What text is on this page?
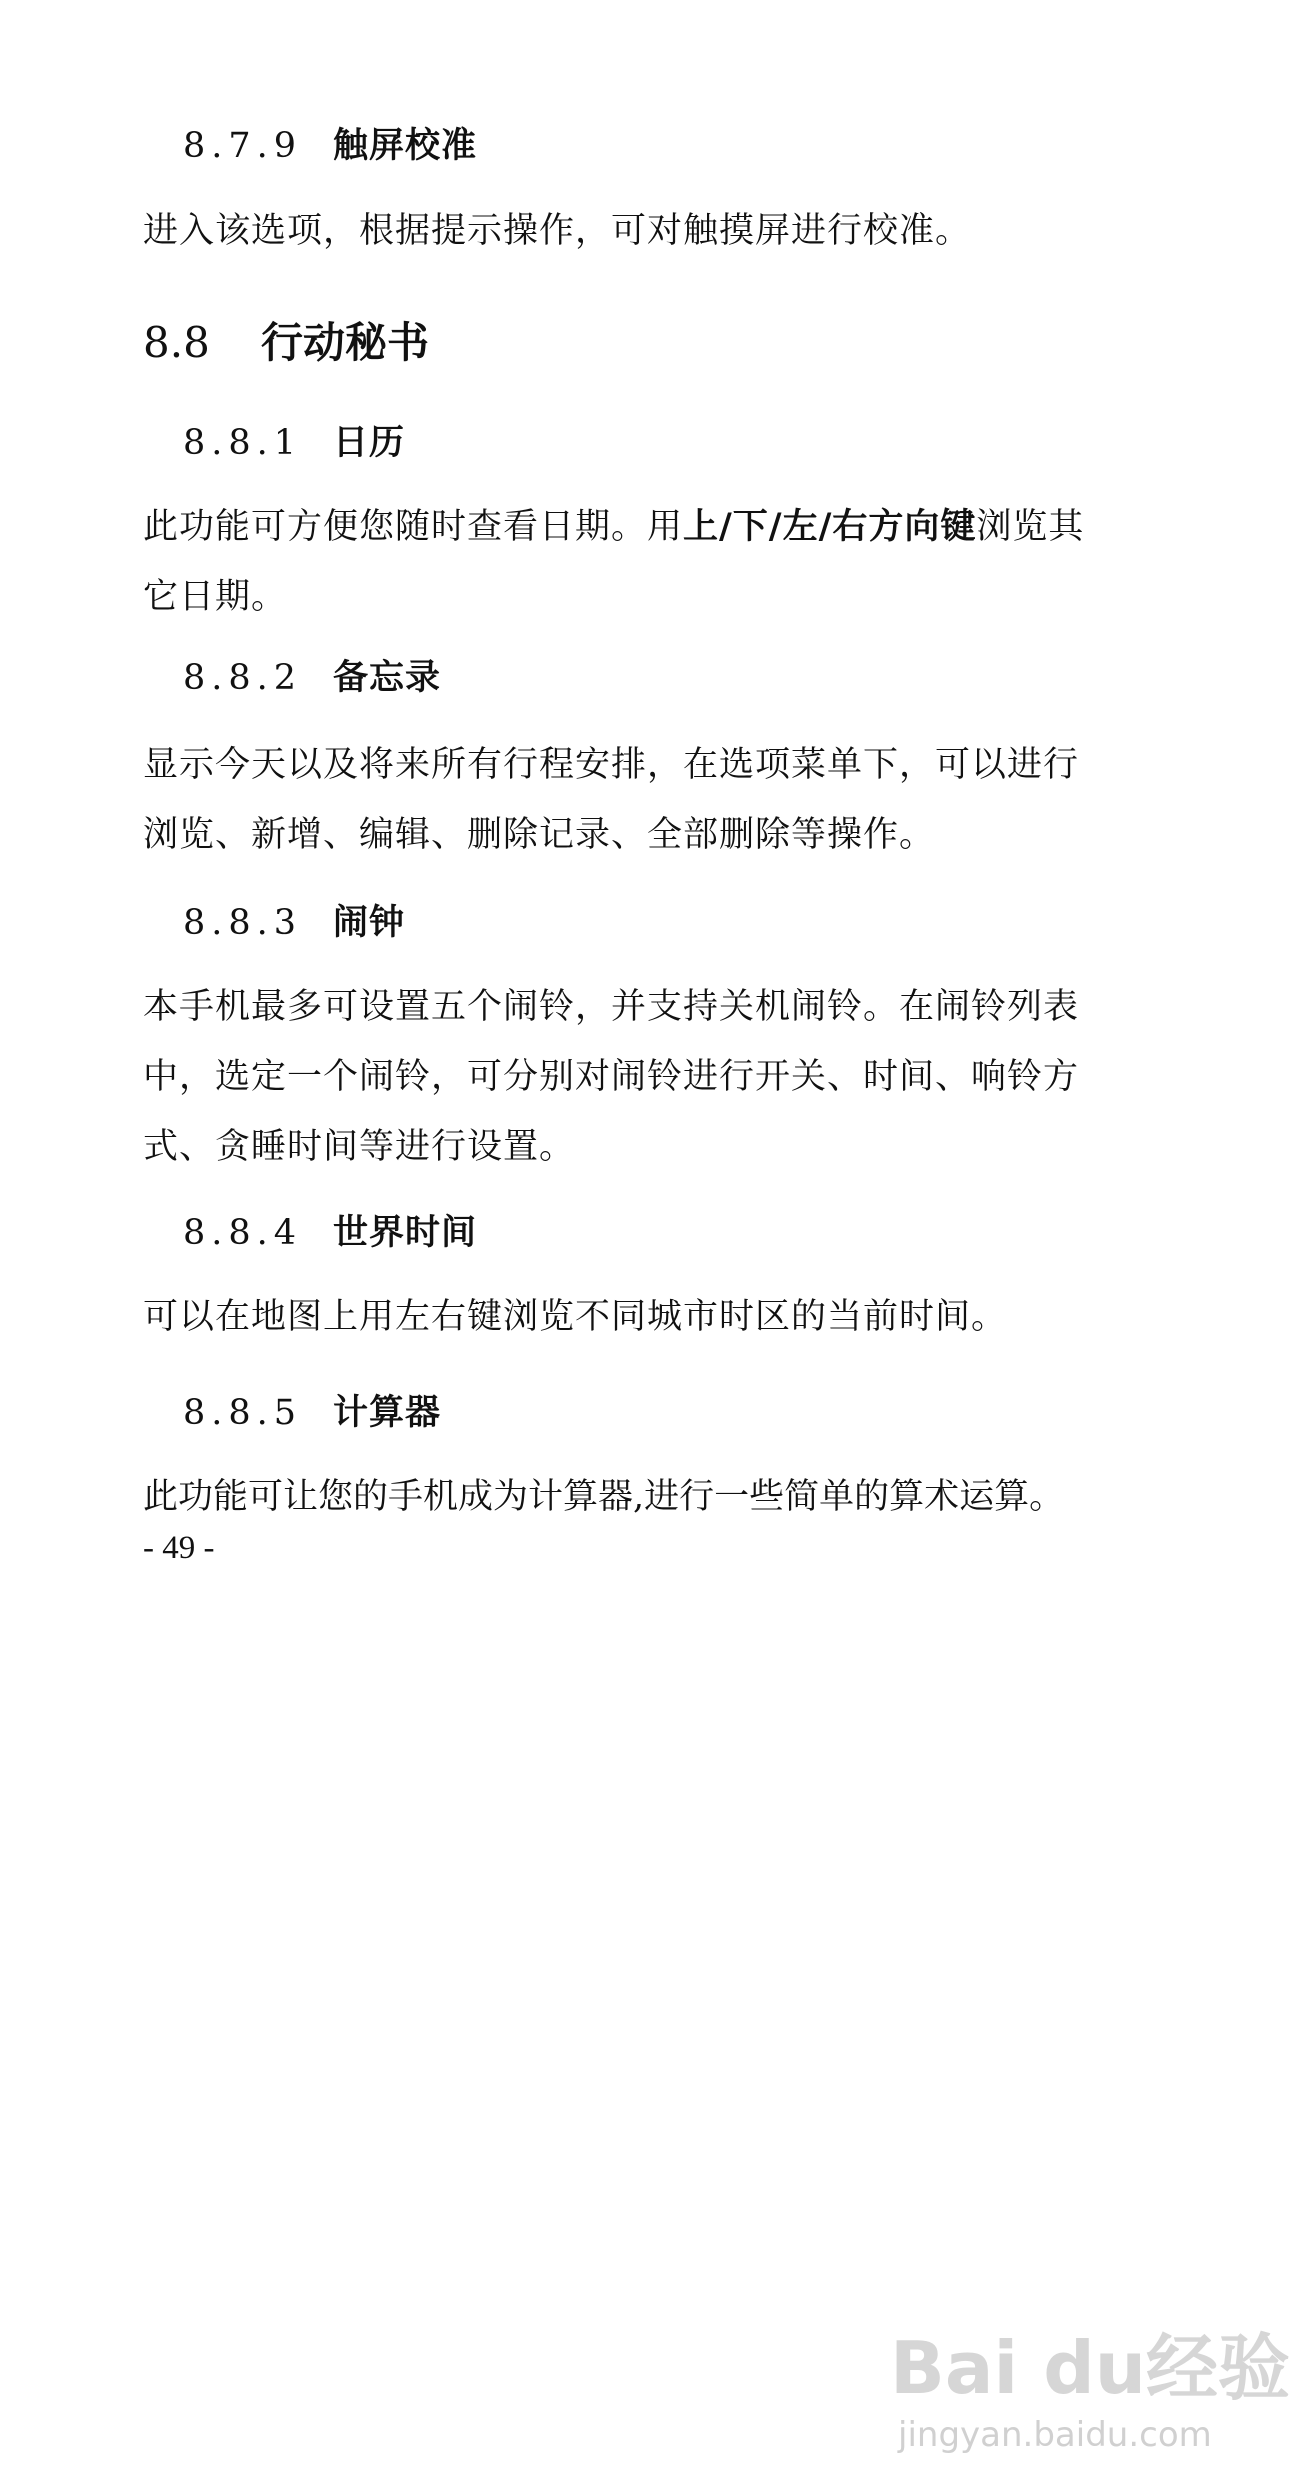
8.7.9 触屏校准
进入该选项，根据提示操作，可对触摸屏进行校准。
8.8 行动秘书
8.8.1 日历
此功能可方便您随时查看日期。用上/下/左/右方向键浏览其它日期。
8.8.2 备忘录
显示今天以及将来所有行程安排，在选项菜单下，可以进行浏览、新增、编辑、删除记录、全部删除等操作。
8.8.3 闹钟
本手机最多可设置五个闹铃，并支持关机闹铃。在闹铃列表中，选定一个闹铃，可分别对闹铃进行开关、时间、响铃方式、贪睡时间等进行设置。
8.8.4 世界时间
可以在地图上用左右键浏览不同城市时区的当前时间。
8.8.5 计算器
此功能可让您的手机成为计算器,进行一些简单的算术运算。
- 49 -
Bai du经验
jingyan.baidu.com
